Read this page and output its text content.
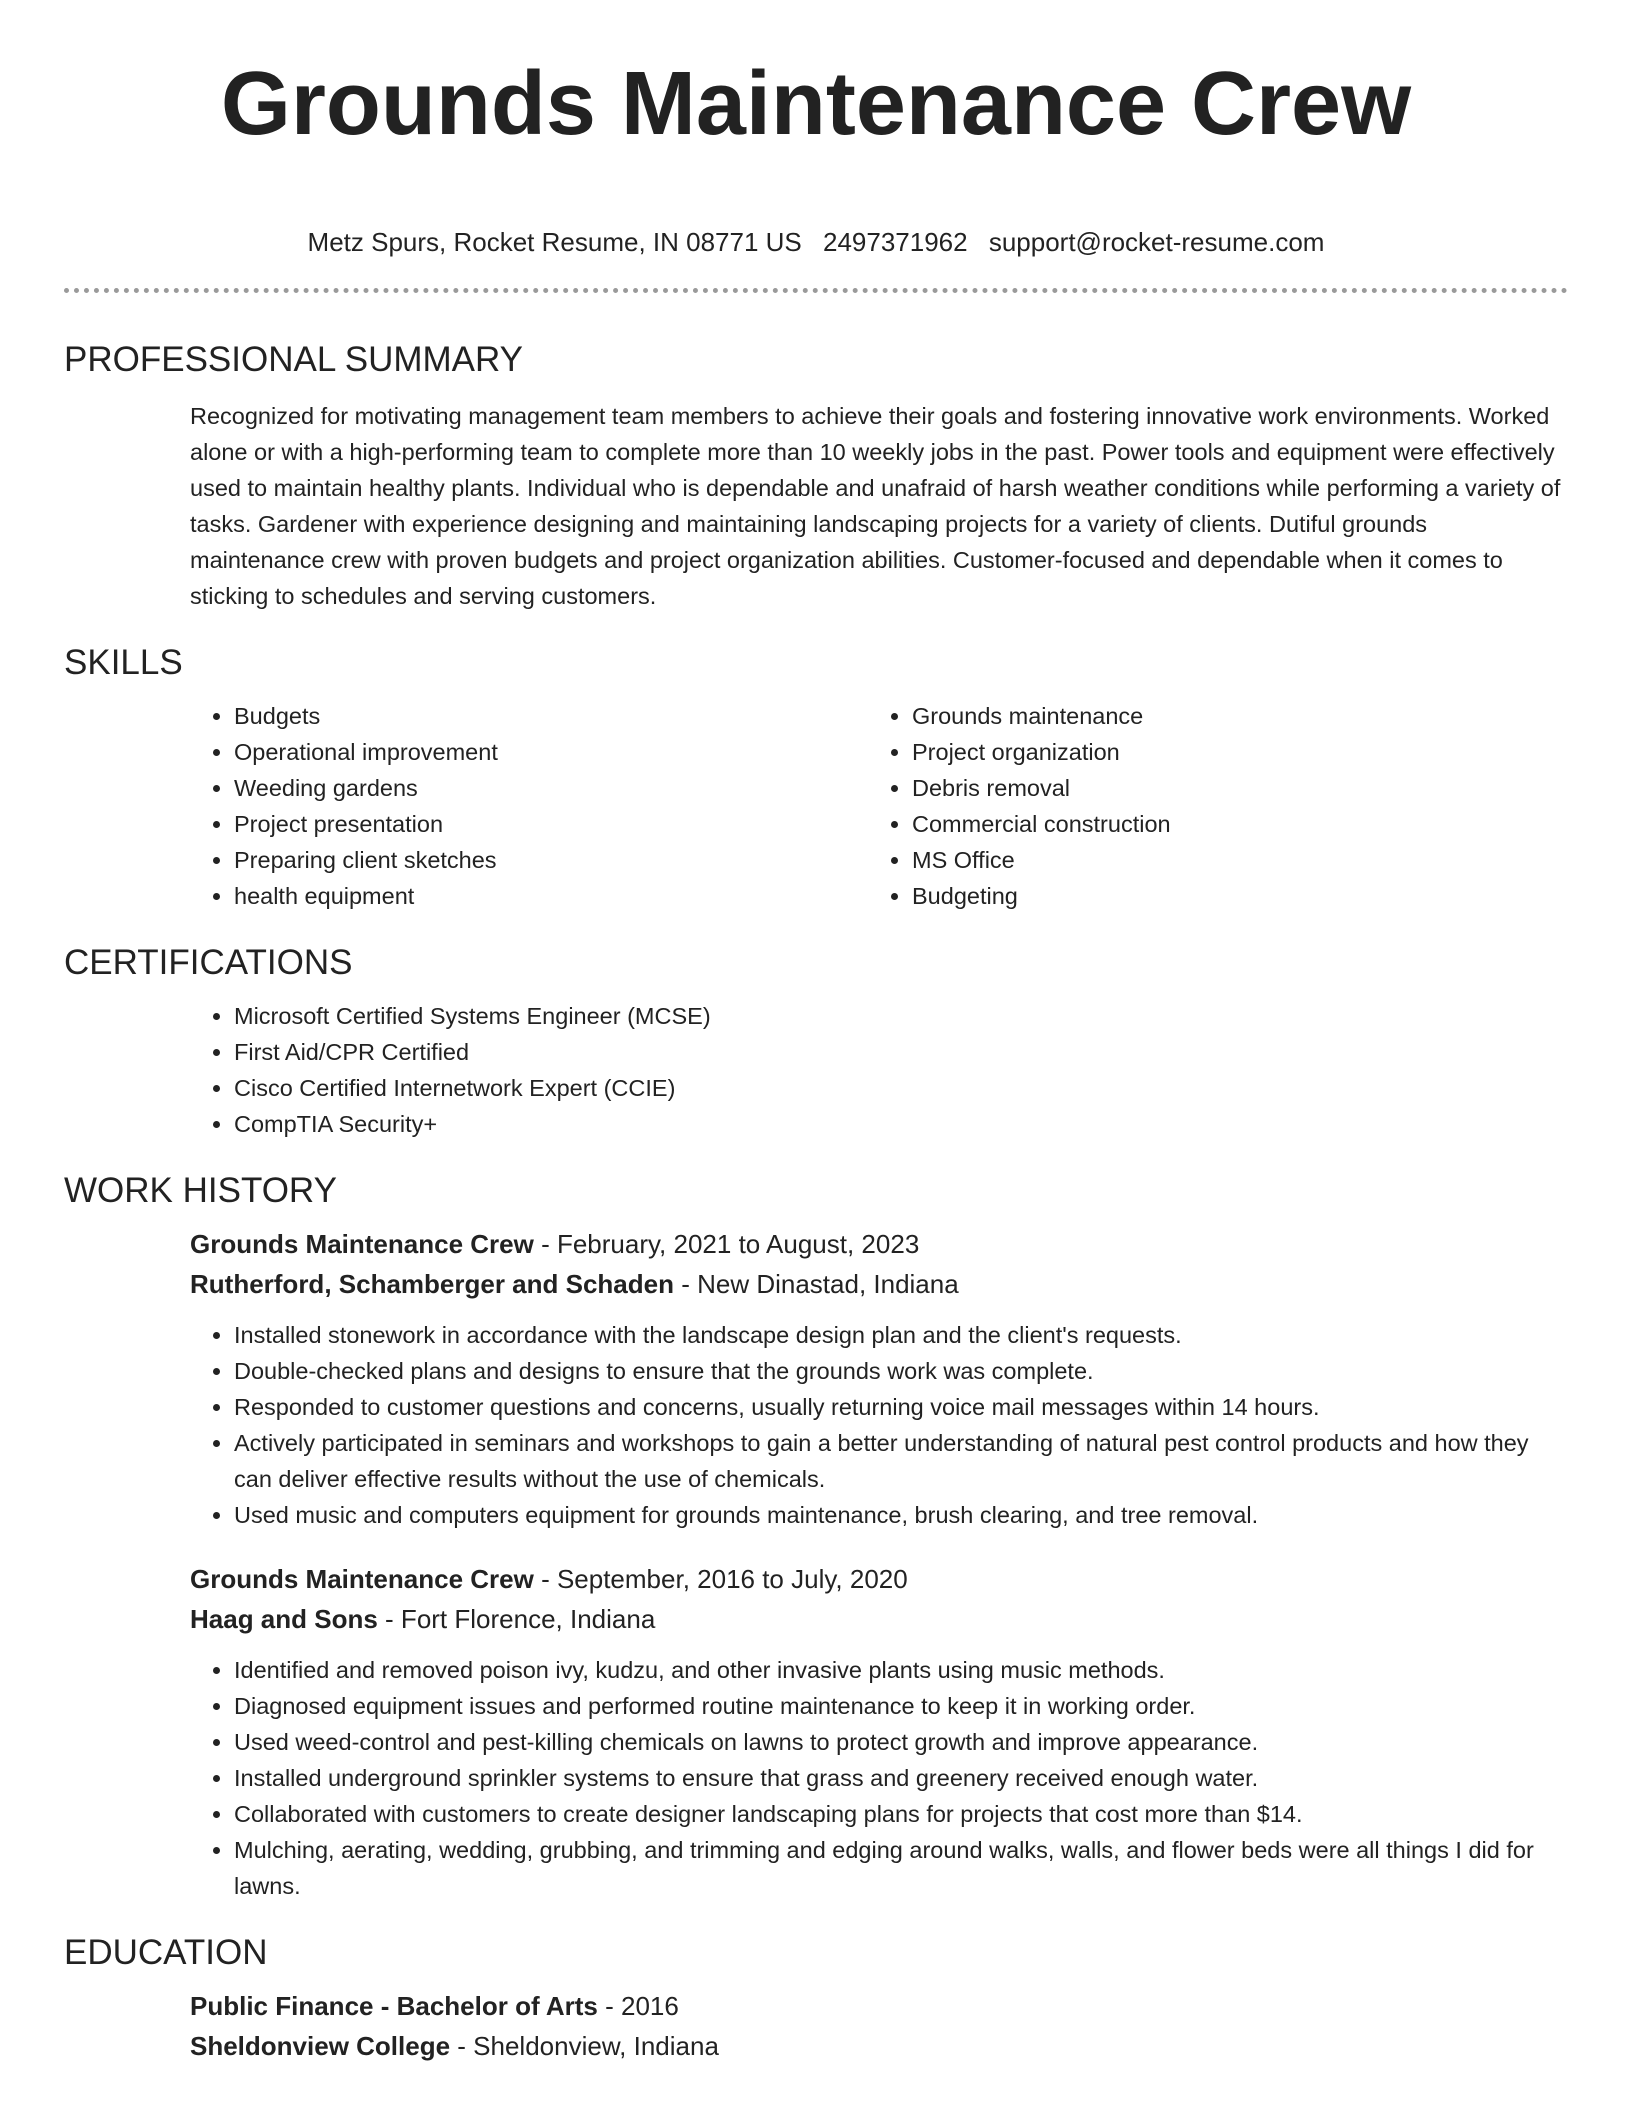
Grounds Maintenance Crew
Metz Spurs, Rocket Resume, IN 08771 US 2497371962 support@rocket-resume.com
PROFESSIONAL SUMMARY

Recognized for motivating management team members to achieve their goals and fostering innovative work environments. Worked alone or with a high-performing team to complete more than 10 weekly jobs in the past. Power tools and equipment were effectively used to maintain healthy plants. Individual who is dependable and unafraid of harsh weather conditions while performing a variety of tasks. Gardener with experience designing and maintaining landscaping projects for a variety of clients. Dutiful grounds maintenance crew with proven budgets and project organization abilities. Customer-focused and dependable when it comes to sticking to schedules and serving customers.

SKILLS
• Budgets
• Operational improvement
• Weeding gardens
• Project presentation
• Preparing client sketches
• health equipment
• Grounds maintenance
• Project organization
• Debris removal
• Commercial construction
• MS Office
• Budgeting
CERTIFICATIONS
• Microsoft Certified Systems Engineer (MCSE)
• First Aid/CPR Certified
• Cisco Certified Internetwork Expert (CCIE)
• CompTIA Security+
WORK HISTORY
Grounds Maintenance Crew - February, 2021 to August, 2023
Rutherford, Schamberger and Schaden - New Dinastad, Indiana
• Installed stonework in accordance with the landscape design plan and the client's requests.
• Double-checked plans and designs to ensure that the grounds work was complete.
• Responded to customer questions and concerns, usually returning voice mail messages within 14 hours.
• Actively participated in seminars and workshops to gain a better understanding of natural pest control products and how they can deliver effective results without the use of chemicals.
• Used music and computers equipment for grounds maintenance, brush clearing, and tree removal.
Grounds Maintenance Crew - September, 2016 to July, 2020
Haag and Sons - Fort Florence, Indiana
• Identified and removed poison ivy, kudzu, and other invasive plants using music methods.
• Diagnosed equipment issues and performed routine maintenance to keep it in working order.
• Used weed-control and pest-killing chemicals on lawns to protect growth and improve appearance.
• Installed underground sprinkler systems to ensure that grass and greenery received enough water.
• Collaborated with customers to create designer landscaping plans for projects that cost more than $14.
• Mulching, aerating, wedding, grubbing, and trimming and edging around walks, walls, and flower beds were all things I did for lawns.
EDUCATION
Public Finance - Bachelor of Arts - 2016
Sheldonview College - Sheldonview, Indiana
